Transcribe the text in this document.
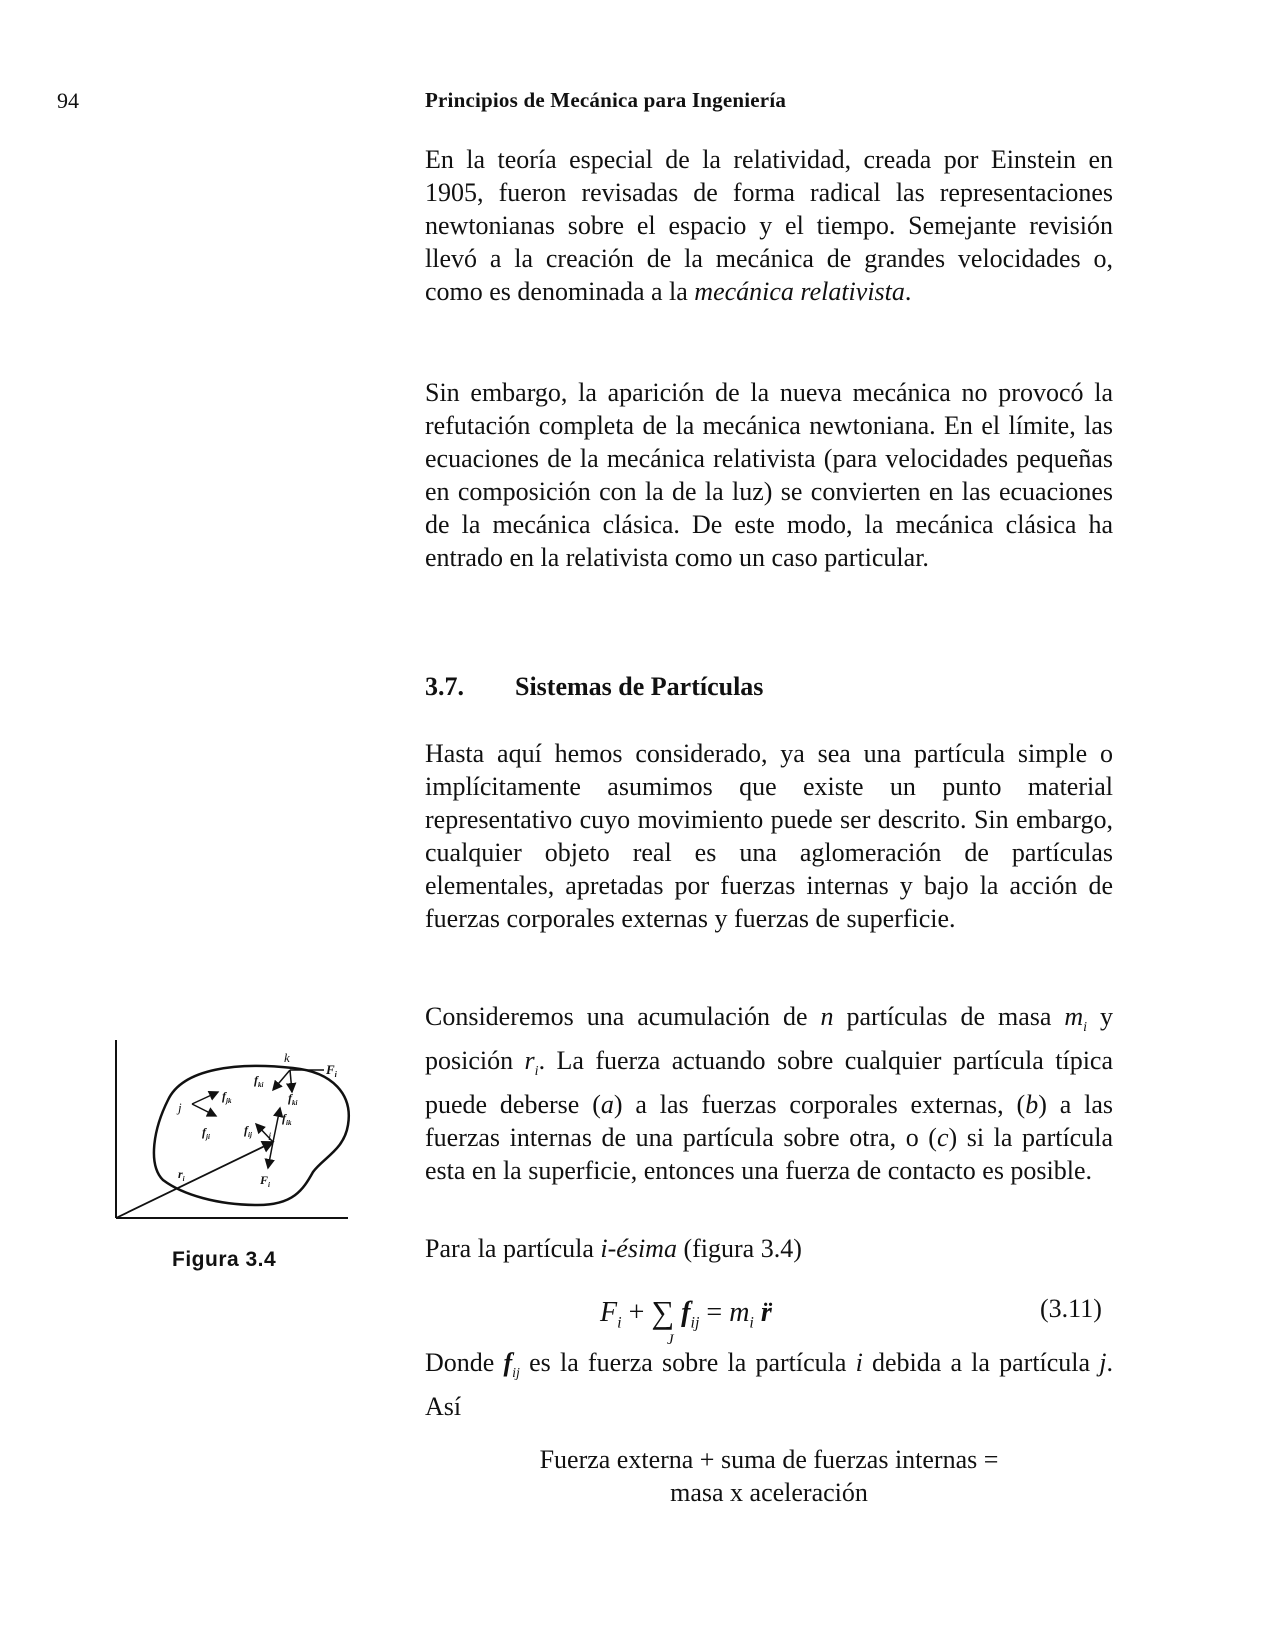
94	Principios de Mecánica para Ingeniería

En la teoría especial de la relatividad, creada por Einstein en 1905, fueron revisadas de forma radical las representaciones newtonianas sobre el espacio y el tiempo. Semejante revisión llevó a la creación de la mecánica de grandes velocidades o, como es denominada a la mecánica relativista.

Sin embargo, la aparición de la nueva mecánica no provocó la refutación completa de la mecánica newtoniana. En el límite, las ecuaciones de la mecánica relativista (para velocidades pequeñas en composición con la de la luz) se convierten en las ecuaciones de la mecánica clásica. De este modo, la mecánica clásica ha entrado en la relativista como un caso particular.

3.7. Sistemas de Partículas

Hasta aquí hemos considerado, ya sea una partícula simple o implícitamente asumimos que existe un punto material representativo cuyo movimiento puede ser descrito. Sin embargo, cualquier objeto real es una aglomeración de partículas elementales, apretadas por fuerzas internas y bajo la acción de fuerzas corporales externas y fuerzas de superficie.

Consideremos una acumulación de n partículas de masa $m_i$ y posición $r_i$. La fuerza actuando sobre cualquier partícula típica puede deberse (a) a las fuerzas corporales externas, (b) a las fuerzas internas de una partícula sobre otra, o (c) si la partícula esta en la superficie, entonces una fuerza de contacto es posible.

Para la partícula i-ésima (figura 3.4)

$F_i$ + ∑
J
$f_{ij} = m_i$ r̈	(3.11)

Donde $f_{ij}$ es la fuerza sobre la partícula i debida a la partícula j. Así

Fuerza externa + suma de fuerzas internas =
masa x aceleración
k
$F_i$
j
$f_{ki}$
$f_{ki}$
$f_{ik}$
$f_{jk}$
$f_{ji}$	$f_{ij}$ i
$r_i$	$F_i$
Figura 3.4
